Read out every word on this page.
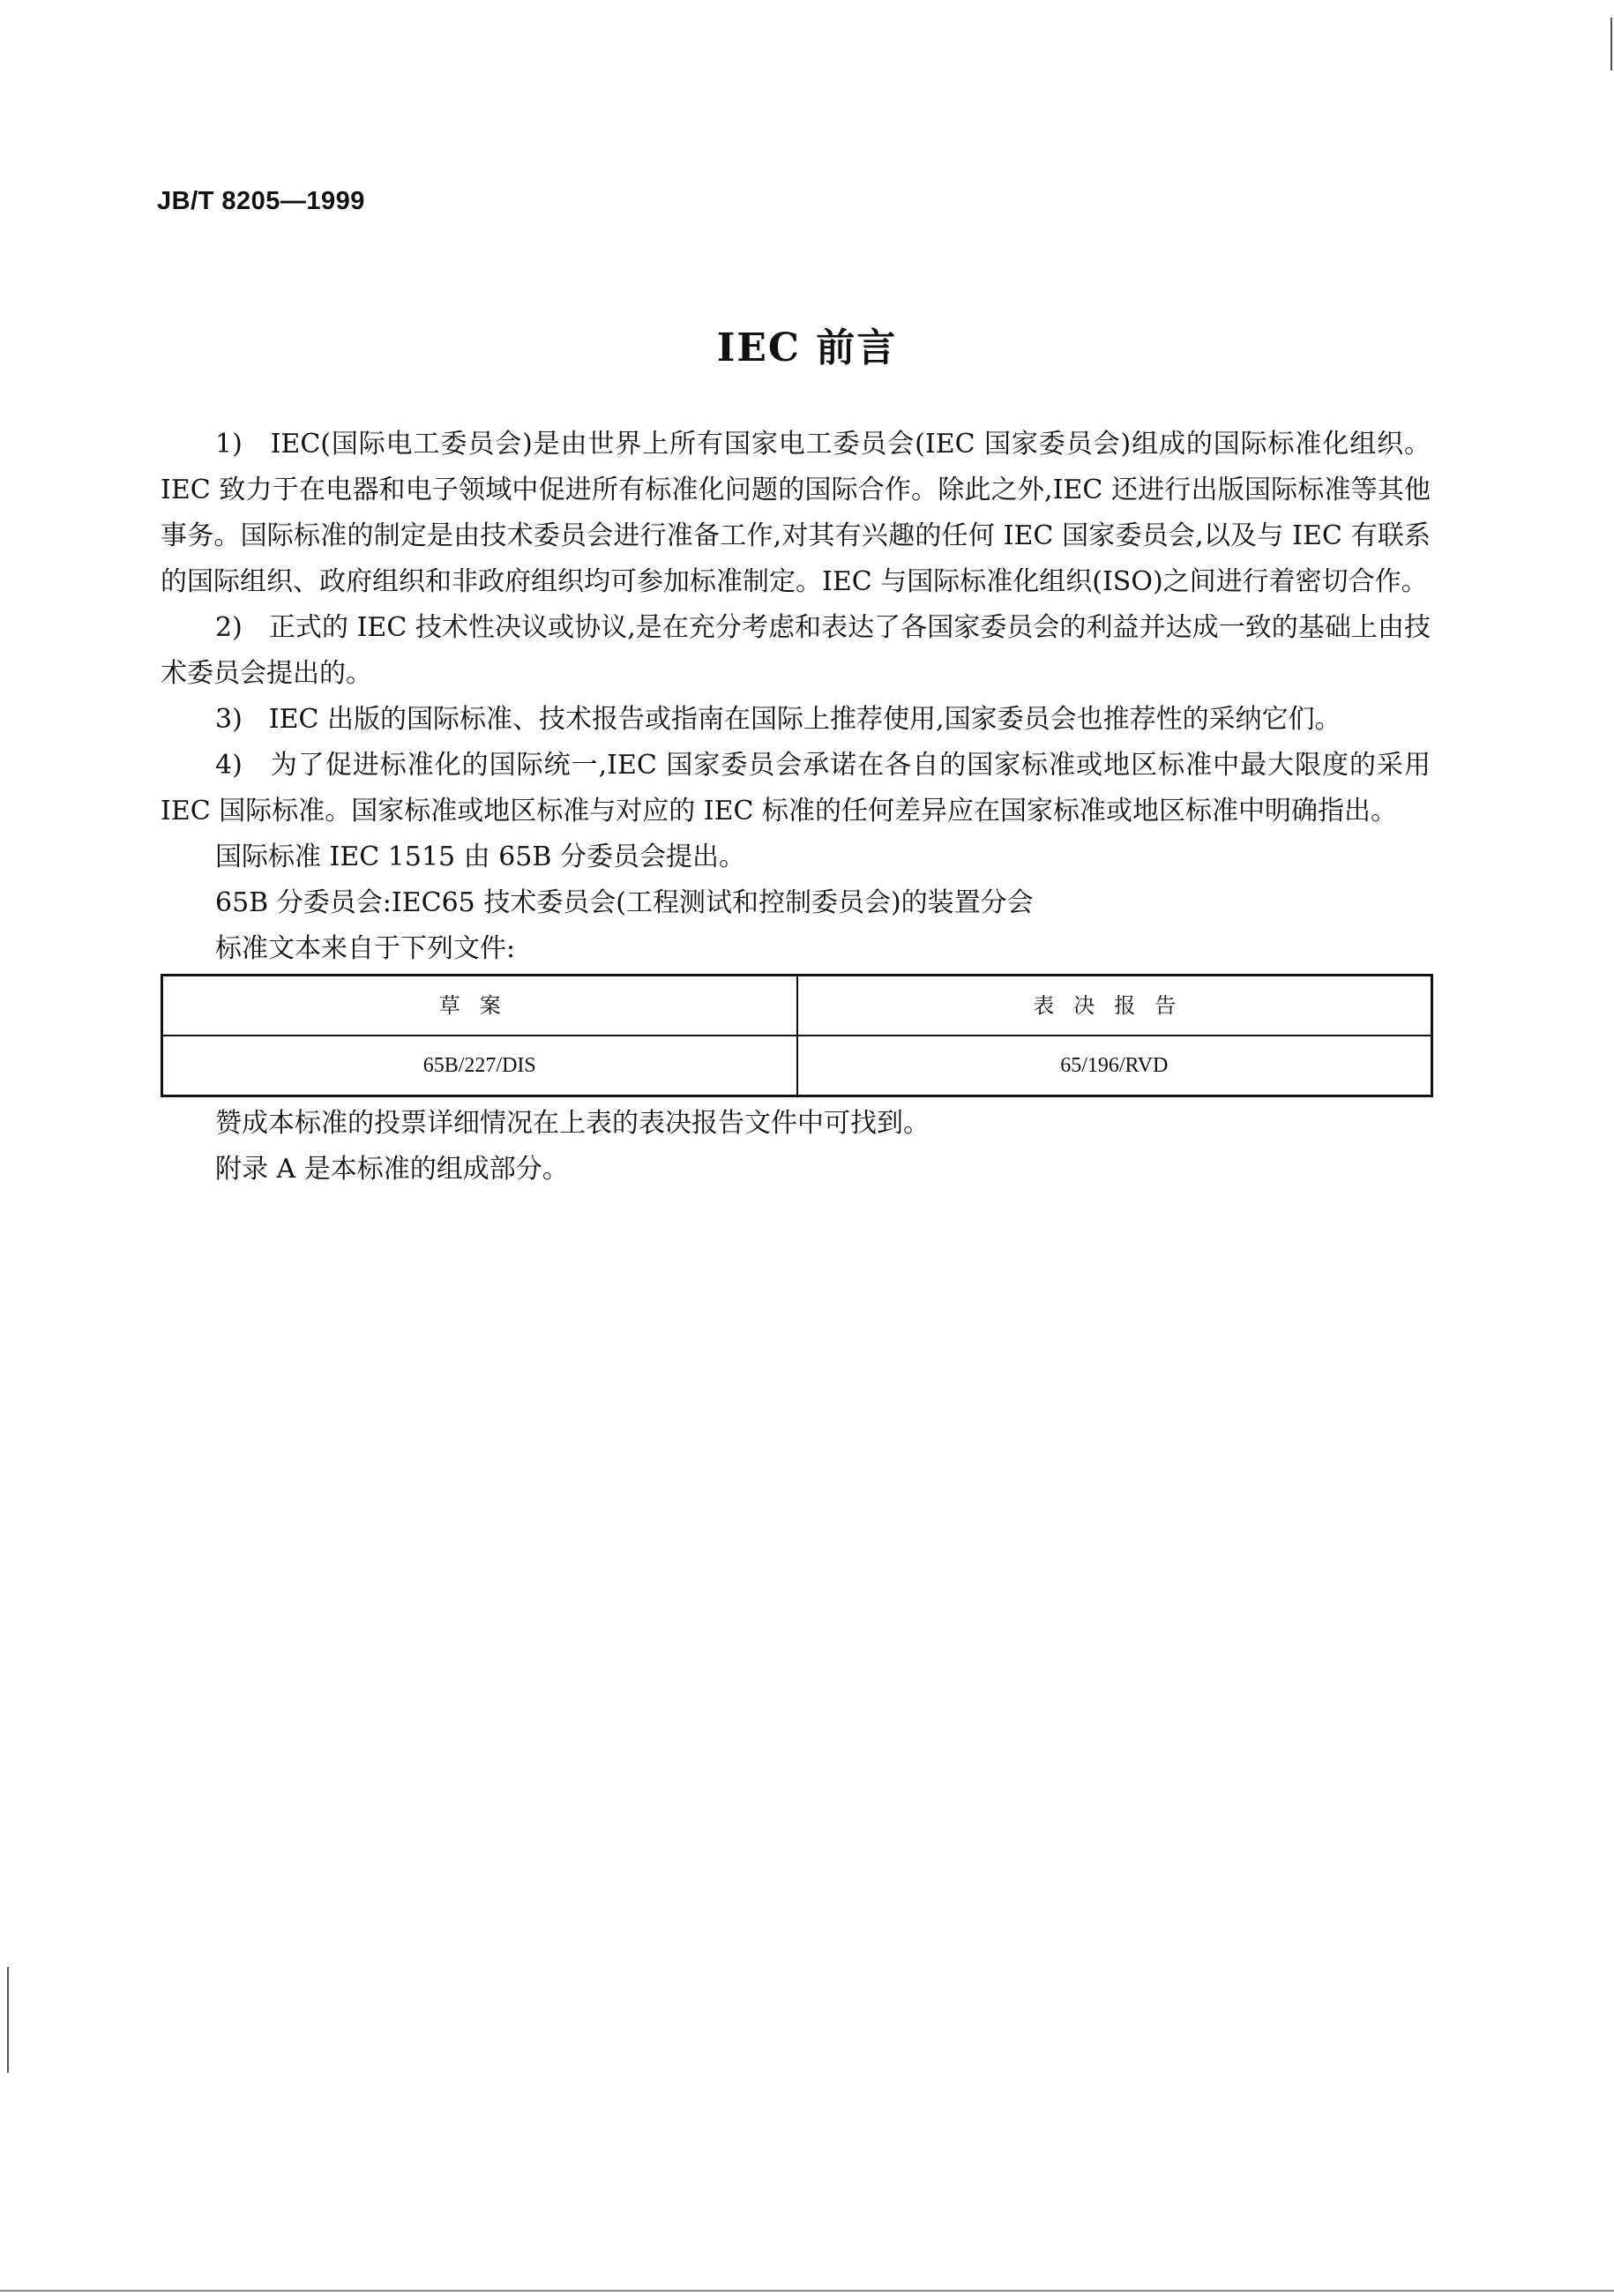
JB/T 8205—1999
IEC 前言

1)　IEC(国际电工委员会)是由世界上所有国家电工委员会(IEC 国家委员会)组成的国际标准化组织。IEC 致力于在电器和电子领域中促进所有标准化问题的国际合作。除此之外,IEC 还进行出版国际标准等其他事务。国际标准的制定是由技术委员会进行准备工作,对其有兴趣的任何 IEC 国家委员会,以及与 IEC 有联系的国际组织、政府组织和非政府组织均可参加标准制定。IEC 与国际标准化组织(ISO)之间进行着密切合作。

2)　正式的 IEC 技术性决议或协议,是在充分考虑和表达了各国家委员会的利益并达成一致的基础上由技术委员会提出的。

3)　IEC 出版的国际标准、技术报告或指南在国际上推荐使用,国家委员会也推荐性的采纳它们。

4)　为了促进标准化的国际统一,IEC 国家委员会承诺在各自的国家标准或地区标准中最大限度的采用 IEC 国际标准。国家标准或地区标准与对应的 IEC 标准的任何差异应在国家标准或地区标准中明确指出。

国际标准 IEC 1515 由 65B 分委员会提出。

65B 分委员会:IEC65 技术委员会(工程测试和控制委员会)的装置分会

标准文本来自于下列文件:

草案	表决报告
65B/227/DIS	65/196/RVD

赞成本标准的投票详细情况在上表的表决报告文件中可找到。

附录 A 是本标准的组成部分。
